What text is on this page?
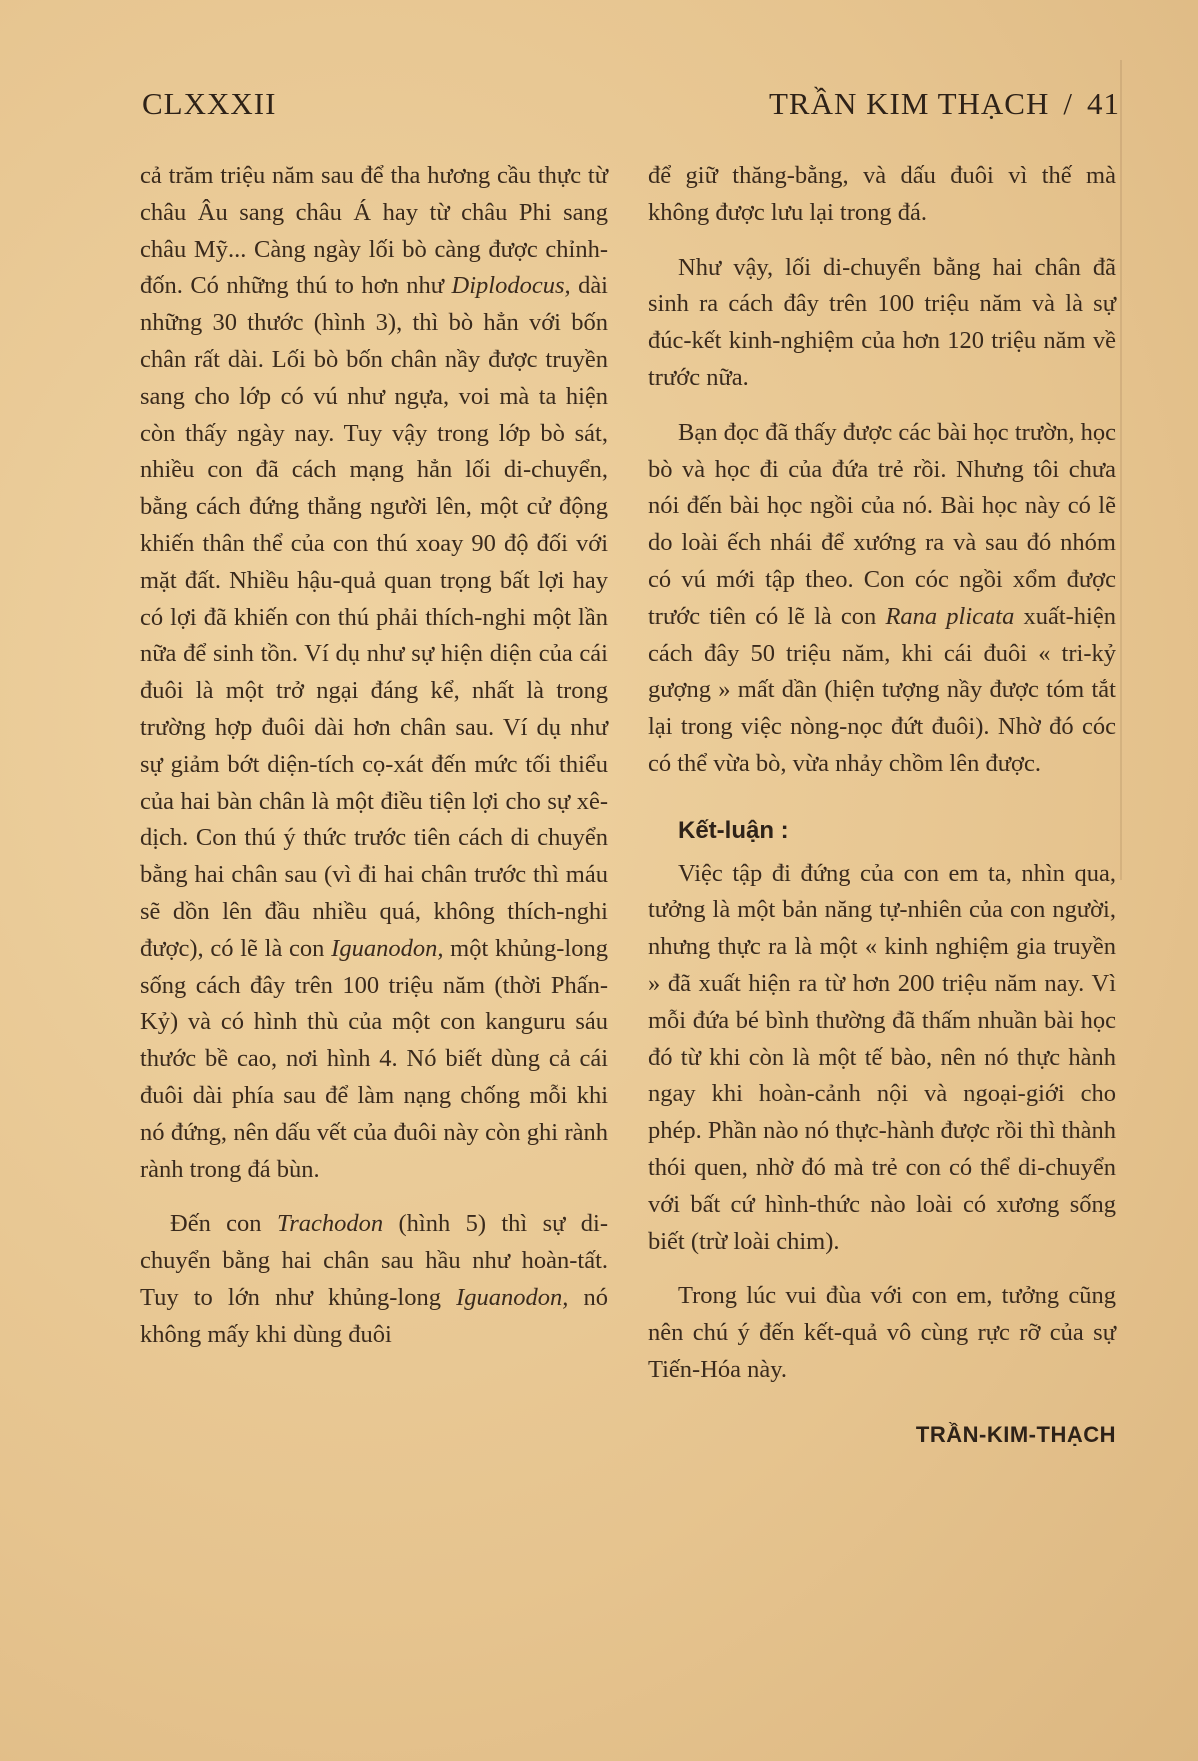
CLXXXII	TRẦN KIM THẠCH / 41

cả trăm triệu năm sau để tha hương cầu thực từ châu Âu sang châu Á hay từ châu Phi sang châu Mỹ... Càng ngày lối bò càng được chỉnh-đốn. Có những thú to hơn như Diplodocus, dài những 30 thước (hình 3), thì bò hẳn với bốn chân rất dài. Lối bò bốn chân nầy được truyền sang cho lớp có vú như ngựa, voi mà ta hiện còn thấy ngày nay. Tuy vậy trong lớp bò sát, nhiều con đã cách mạng hẳn lối di-chuyển, bằng cách đứng thẳng người lên, một cử động khiến thân thể của con thú xoay 90 độ đối với mặt đất. Nhiều hậu-quả quan trọng bất lợi hay có lợi đã khiến con thú phải thích-nghi một lần nữa để sinh tồn. Ví dụ như sự hiện diện của cái đuôi là một trở ngại đáng kể, nhất là trong trường hợp đuôi dài hơn chân sau. Ví dụ như sự giảm bớt diện-tích cọ-xát đến mức tối thiểu của hai bàn chân là một điều tiện lợi cho sự xê-dịch. Con thú ý thức trước tiên cách di chuyển bằng hai chân sau (vì đi hai chân trước thì máu sẽ dồn lên đầu nhiều quá, không thích-nghi được), có lẽ là con Iguanodon, một khủng-long sống cách đây trên 100 triệu năm (thời Phấn-Kỷ) và có hình thù của một con kanguru sáu thước bề cao, nơi hình 4. Nó biết dùng cả cái đuôi dài phía sau để làm nạng chống mỗi khi nó đứng, nên dấu vết của đuôi này còn ghi rành rành trong đá bùn.

Đến con Trachodon (hình 5) thì sự di-chuyển bằng hai chân sau hầu như hoàn-tất. Tuy to lớn như khủng-long Iguanodon, nó không mấy khi dùng đuôi

để giữ thăng-bằng, và dấu đuôi vì thế mà không được lưu lại trong đá.

Như vậy, lối di-chuyển bằng hai chân đã sinh ra cách đây trên 100 triệu năm và là sự đúc-kết kinh-nghiệm của hơn 120 triệu năm về trước nữa.

Bạn đọc đã thấy được các bài học trườn, học bò và học đi của đứa trẻ rồi. Nhưng tôi chưa nói đến bài học ngồi của nó. Bài học này có lẽ do loài ếch nhái để xướng ra và sau đó nhóm có vú mới tập theo. Con cóc ngồi xổm được trước tiên có lẽ là con Rana plicata xuất-hiện cách đây 50 triệu năm, khi cái đuôi « tri-kỷ gượng » mất dần (hiện tượng nầy được tóm tắt lại trong việc nòng-nọc đứt đuôi). Nhờ đó cóc có thể vừa bò, vừa nhảy chồm lên được.

Kết-luận :

Việc tập đi đứng của con em ta, nhìn qua, tưởng là một bản năng tự-nhiên của con người, nhưng thực ra là một « kinh nghiệm gia truyền » đã xuất hiện ra từ hơn 200 triệu năm nay. Vì mỗi đứa bé bình thường đã thấm nhuần bài học đó từ khi còn là một tế bào, nên nó thực hành ngay khi hoàn-cảnh nội và ngoại-giới cho phép. Phần nào nó thực-hành được rồi thì thành thói quen, nhờ đó mà trẻ con có thể di-chuyển với bất cứ hình-thức nào loài có xương sống biết (trừ loài chim).

Trong lúc vui đùa với con em, tưởng cũng nên chú ý đến kết-quả vô cùng rực rỡ của sự Tiến-Hóa này.

TRẦN-KIM-THẠCH
